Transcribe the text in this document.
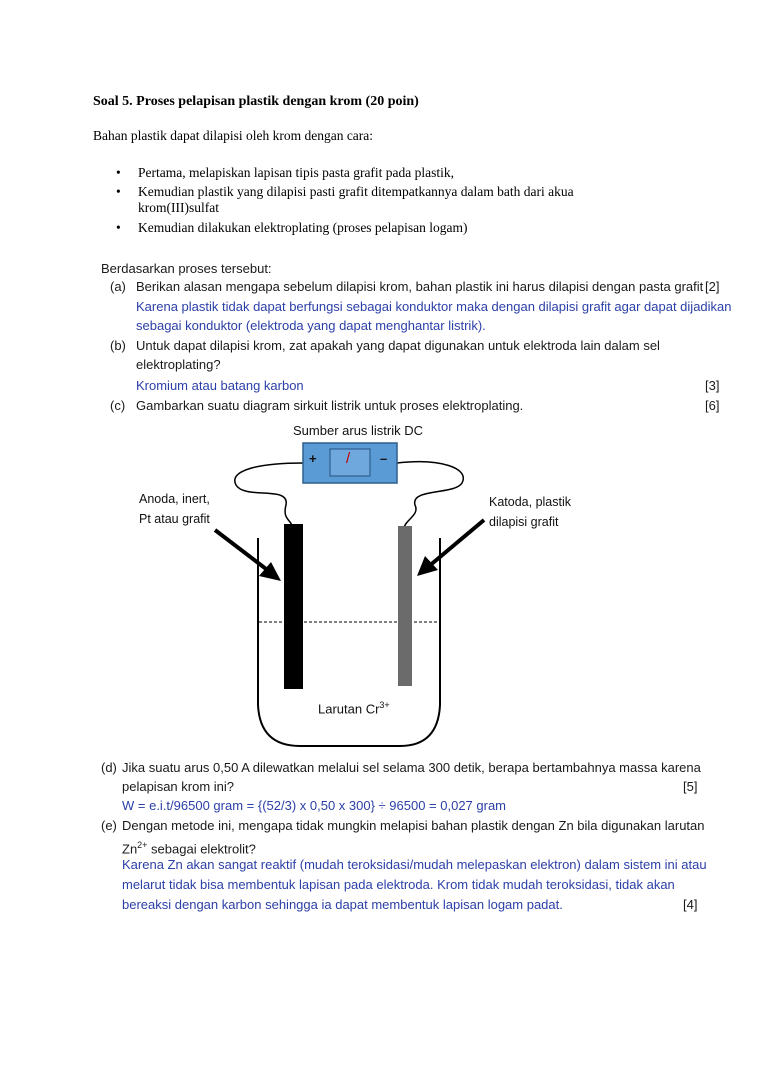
Soal 5. Proses pelapisan plastik dengan krom (20 poin)
Bahan plastik dapat dilapisi oleh krom dengan cara:
• Pertama, melapiskan lapisan tipis pasta grafit pada plastik,
• Kemudian plastik yang dilapisi pasti grafit ditempatkannya dalam bath dari akua
krom(III)sulfat
• Kemudian dilakukan elektroplating (proses pelapisan logam)
Berdasarkan proses tersebut:
(a) Berikan alasan mengapa sebelum dilapisi krom, bahan plastik ini harus dilapisi dengan pasta grafit [2]
Karena plastik tidak dapat berfungsi sebagai konduktor maka dengan dilapisi grafit agar dapat dijadikan
sebagai konduktor (elektroda yang dapat menghantar listrik).
(b) Untuk dapat dilapisi krom, zat apakah yang dapat digunakan untuk elektroda lain dalam sel
elektroplating?
Kromium atau batang karbon	[3]
(c) Gambarkan suatu diagram sirkuit listrik untuk proses elektroplating.	[6]
Sumber arus listrik DC
+	–
/
Anoda, inert,
Pt atau grafit
Katoda, plastik
dilapisi grafit
Larutan $Cr^{3+}$
(d) Jika suatu arus 0,50 A dilewatkan melalui sel selama 300 detik, berapa bertambahnya massa karena
pelapisan krom ini?	[5]
W = e.i.t/96500 gram = {(52/3) x 0,50 x 300} ÷ 96500 = 0,027 gram
(e) Dengan metode ini, mengapa tidak mungkin melapisi bahan plastik dengan Zn bila digunakan larutan
$Zn^{2+}$ sebagai elektrolit?
Karena Zn akan sangat reaktif (mudah teroksidasi/mudah melepaskan elektron) dalam sistem ini atau
melarut tidak bisa membentuk lapisan pada elektroda. Krom tidak mudah teroksidasi, tidak akan
bereaksi dengan karbon sehingga ia dapat membentuk lapisan logam padat.	[4]
